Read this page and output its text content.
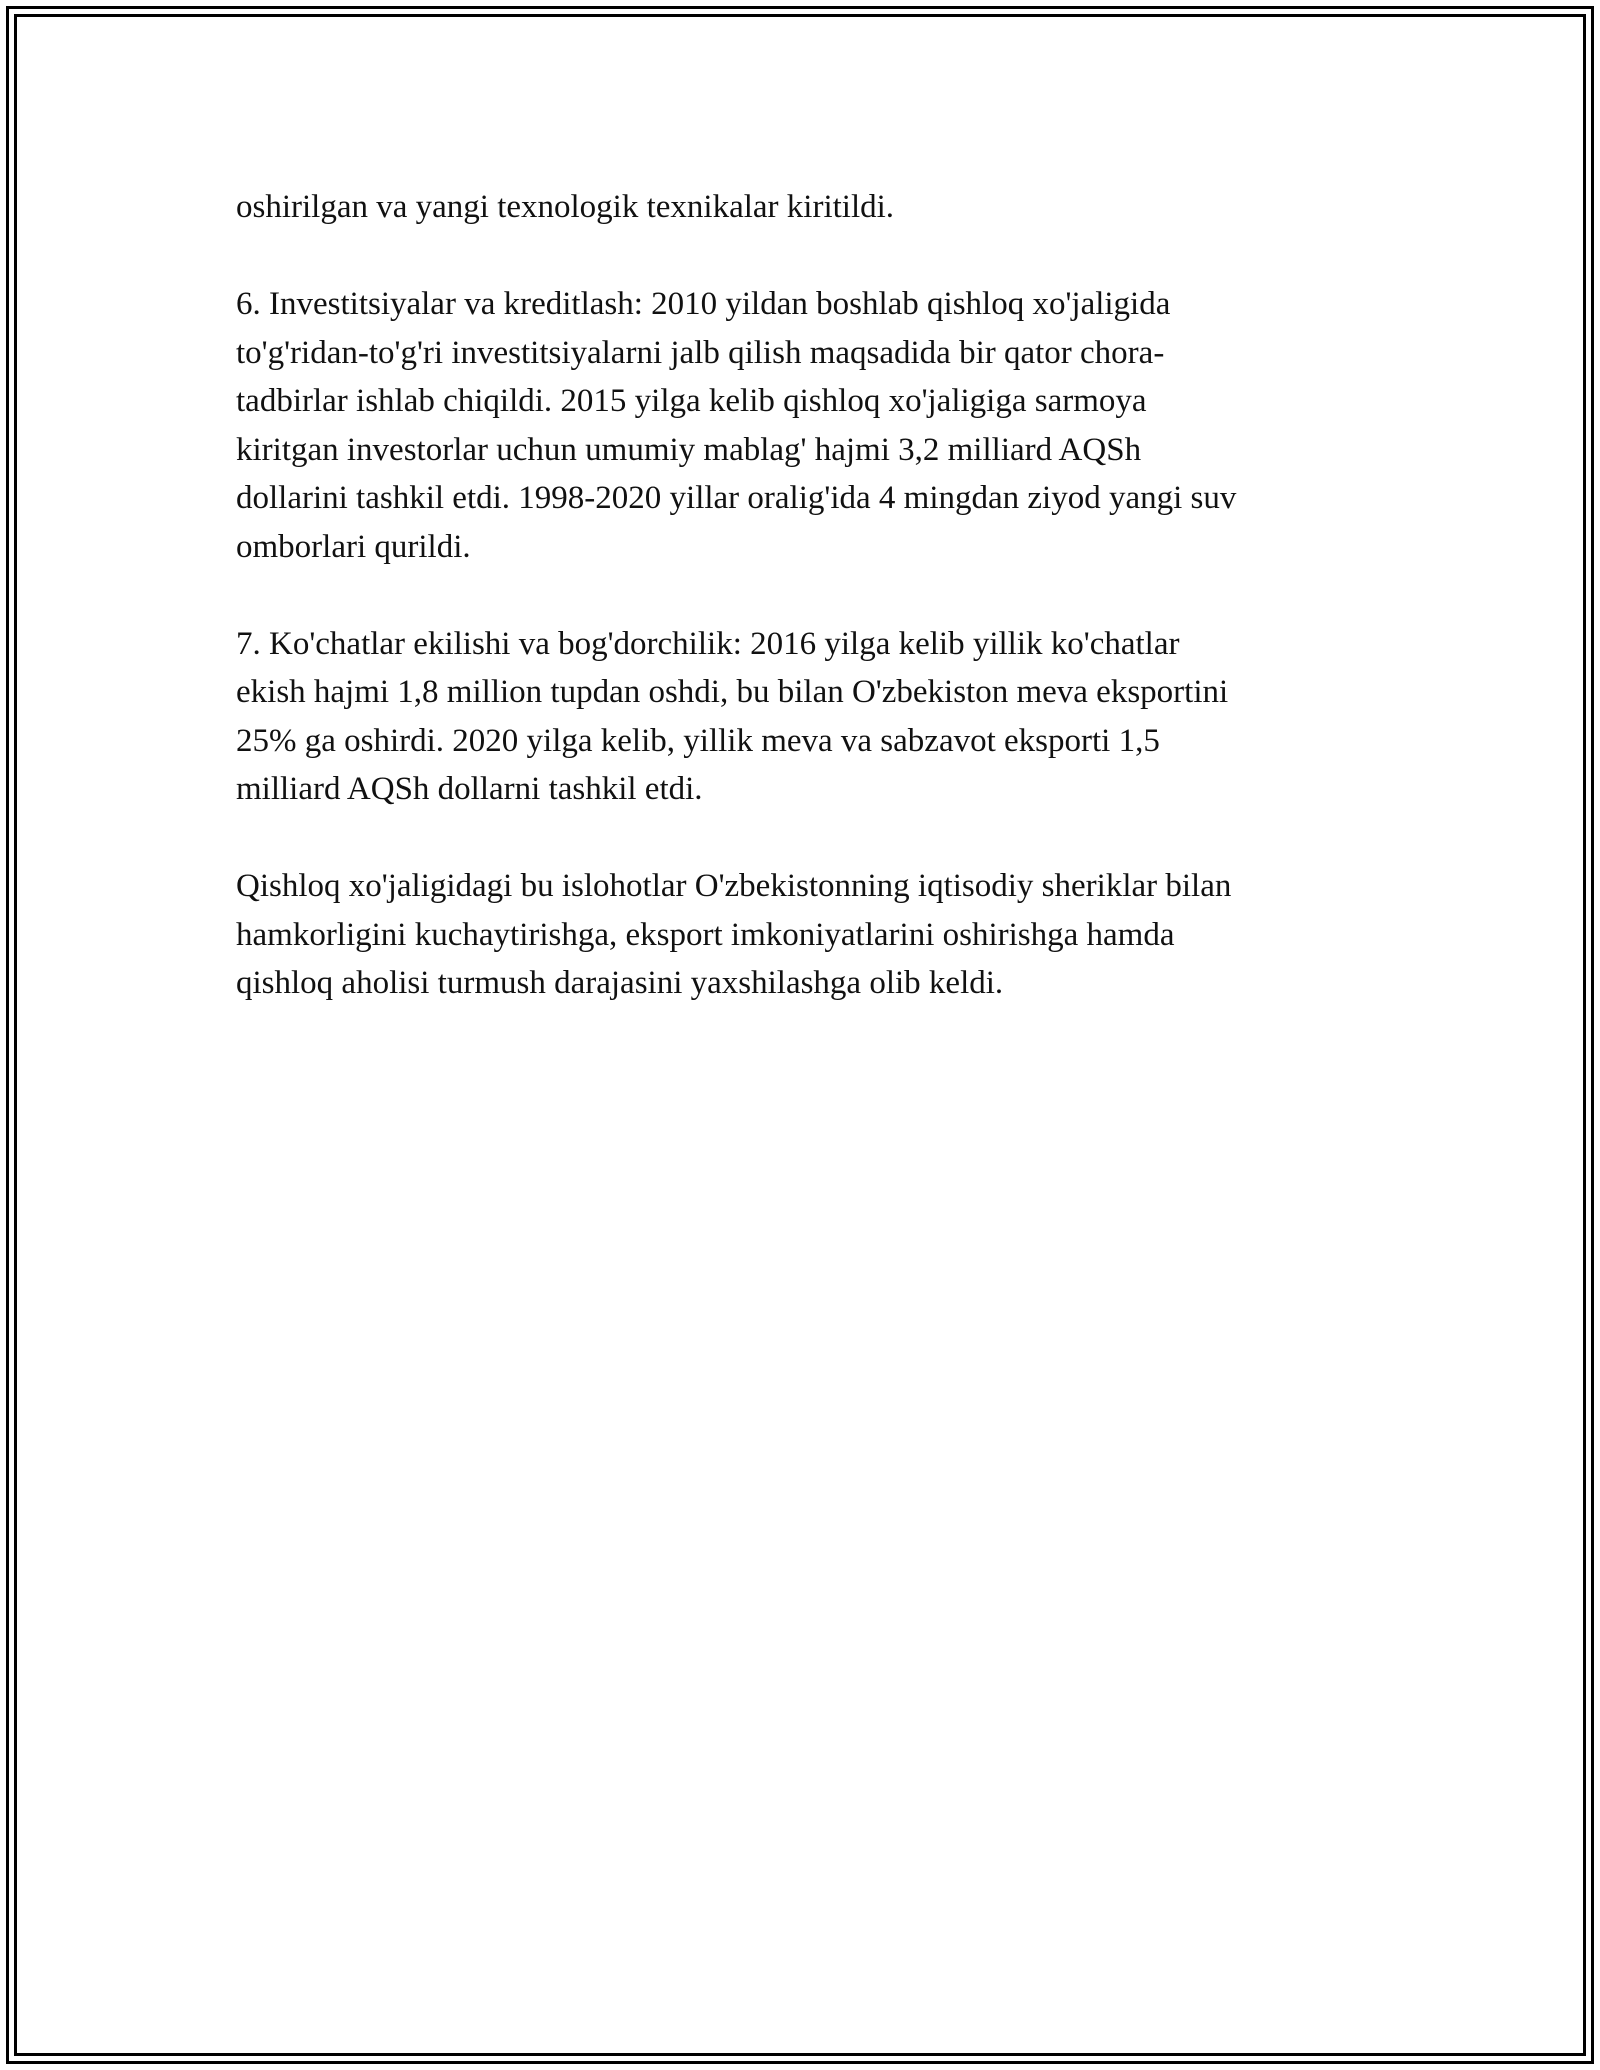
oshirilgan va yangi texnologik texnikalar kiritildi.

6. Investitsiyalar va kreditlash: 2010 yildan boshlab qishloq xo'jaligida
to'g'ridan-to'g'ri investitsiyalarni jalb qilish maqsadida bir qator chora-
tadbirlar ishlab chiqildi. 2015 yilga kelib qishloq xo'jaligiga sarmoya
kiritgan investorlar uchun umumiy mablag' hajmi 3,2 milliard AQSh
dollarini tashkil etdi. 1998-2020 yillar oralig'ida 4 mingdan ziyod yangi suv
omborlari qurildi.

7. Ko'chatlar ekilishi va bog'dorchilik: 2016 yilga kelib yillik ko'chatlar
ekish hajmi 1,8 million tupdan oshdi, bu bilan O'zbekiston meva eksportini
25% ga oshirdi. 2020 yilga kelib, yillik meva va sabzavot eksporti 1,5
milliard AQSh dollarni tashkil etdi.

Qishloq xo'jaligidagi bu islohotlar O'zbekistonning iqtisodiy sheriklar bilan
hamkorligini kuchaytirishga, eksport imkoniyatlarini oshirishga hamda
qishloq aholisi turmush darajasini yaxshilashga olib keldi.
